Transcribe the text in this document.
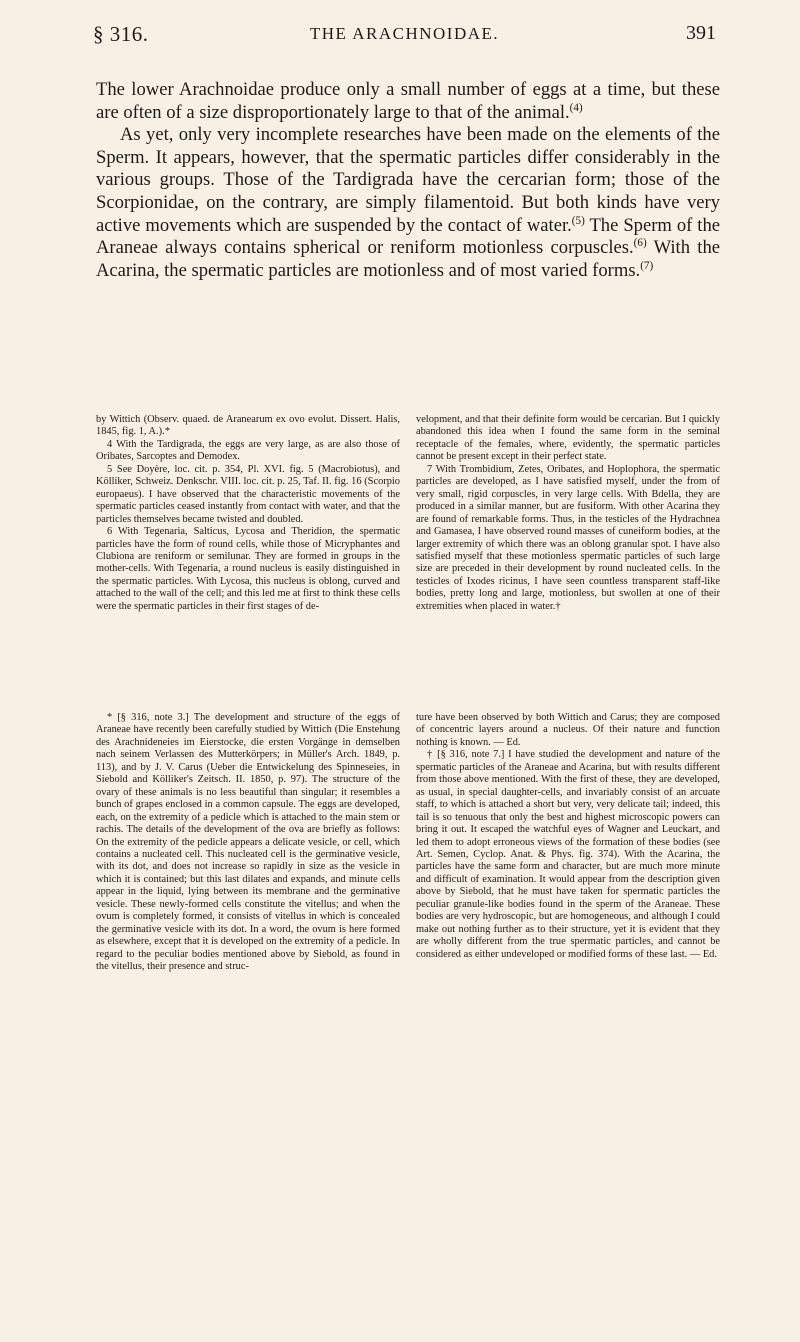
§ 316.	THE ARACHNOIDAE.	391

The lower Arachnoidae produce only a small number of eggs at a time, but these are often of a size disproportionately large to that of the animal.$^{(4)}$

As yet, only very incomplete researches have been made on the elements of the Sperm. It appears, however, that the spermatic particles differ considerably in the various groups. Those of the Tardigrada have the cercarian form; those of the Scorpionidae, on the contrary, are simply filamentoid. But both kinds have very active movements which are suspended by the contact of water.$^{(5)}$ The Sperm of the Araneae always contains spherical or reniform motionless corpuscles.$^{(6)}$ With the Acarina, the spermatic particles are motionless and of most varied forms.$^{(7)}$

by Wittich (Observ. quaed. de Aranearum ex ovo evolut. Dissert. Halis, 1845, fig. 1, A.).*

4 With the Tardigrada, the eggs are very large, as are also those of Oribates, Sarcoptes and Demodex.

5 See Doyère, loc. cit. p. 354, Pl. XVI. fig. 5 (Macrobiotus), and Kölliker, Schweiz. Denkschr. VIII. loc. cit. p. 25, Taf. II. fig. 16 (Scorpio europaeus). I have observed that the characteristic movements of the spermatic particles ceased instantly from contact with water, and that the particles themselves became twisted and doubled.

6 With Tegenaria, Salticus, Lycosa and Theridion, the spermatic particles have the form of round cells, while those of Micryphantes and Clubiona are reniform or semilunar. They are formed in groups in the mother-cells. With Tegenaria, a round nucleus is easily distinguished in the spermatic particles. With Lycosa, this nucleus is oblong, curved and attached to the wall of the cell; and this led me at first to think these cells were the spermatic particles in their first stages of de-

velopment, and that their definite form would be cercarian. But I quickly abandoned this idea when I found the same form in the seminal receptacle of the females, where, evidently, the spermatic particles cannot be present except in their perfect state.

7 With Trombidium, Zetes, Oribates, and Hoplophora, the spermatic particles are developed, as I have satisfied myself, under the from of very small, rigid corpuscles, in very large cells. With Bdella, they are produced in a similar manner, but are fusiform. With other Acarina they are found of remarkable forms. Thus, in the testicles of the Hydrachnea and Gamasea, I have observed round masses of cuneiform bodies, at the larger extremity of which there was an oblong granular spot. I have also satisfied myself that these motionless spermatic particles of such large size are preceded in their development by round nucleated cells. In the testicles of Ixodes ricinus, I have seen countless transparent staff-like bodies, pretty long and large, motionless, but swollen at one of their extremities when placed in water.†

* [§ 316, note 3.] The development and structure of the eggs of Araneae have recently been carefully studied by Wittich (Die Enstehung des Arachnideneies im Eierstocke, die ersten Vorgänge in demselben nach seinem Verlassen des Mutterkörpers; in Müller's Arch. 1849, p. 113), and by J. V. Carus (Ueber die Entwickelung des Spinneseies, in Siebold and Kölliker's Zeitsch. II. 1850, p. 97). The structure of the ovary of these animals is no less beautiful than singular; it resembles a bunch of grapes enclosed in a common capsule. The eggs are developed, each, on the extremity of a pedicle which is attached to the main stem or rachis. The details of the development of the ova are briefly as follows: On the extremity of the pedicle appears a delicate vesicle, or cell, which contains a nucleated cell. This nucleated cell is the germinative vesicle, with its dot, and does not increase so rapidly in size as the vesicle in which it is contained; but this last dilates and expands, and minute cells appear in the liquid, lying between its membrane and the germinative vesicle. These newly-formed cells constitute the vitellus; and when the ovum is completely formed, it consists of vitellus in which is concealed the germinative vesicle with its dot. In a word, the ovum is here formed as elsewhere, except that it is developed on the extremity of a pedicle. In regard to the peculiar bodies mentioned above by Siebold, as found in the vitellus, their presence and struc-

ture have been observed by both Wittich and Carus; they are composed of concentric layers around a nucleus. Of their nature and function nothing is known. — Ed.

† [§ 316, note 7.] I have studied the development and nature of the spermatic particles of the Araneae and Acarina, but with results different from those above mentioned. With the first of these, they are developed, as usual, in special daughter-cells, and invariably consist of an arcuate staff, to which is attached a short but very, very delicate tail; indeed, this tail is so tenuous that only the best and highest microscopic powers can bring it out. It escaped the watchful eyes of Wagner and Leuckart, and led them to adopt erroneous views of the formation of these bodies (see Art. Semen, Cyclop. Anat. & Phys. fig. 374). With the Acarina, the particles have the same form and character, but are much more minute and difficult of examination. It would appear from the description given above by Siebold, that he must have taken for spermatic particles the peculiar granule-like bodies found in the sperm of the Araneae. These bodies are very hydroscopic, but are homogeneous, and although I could make out nothing further as to their structure, yet it is evident that they are wholly different from the true spermatic particles, and cannot be considered as either undeveloped or modified forms of these last. — Ed.
